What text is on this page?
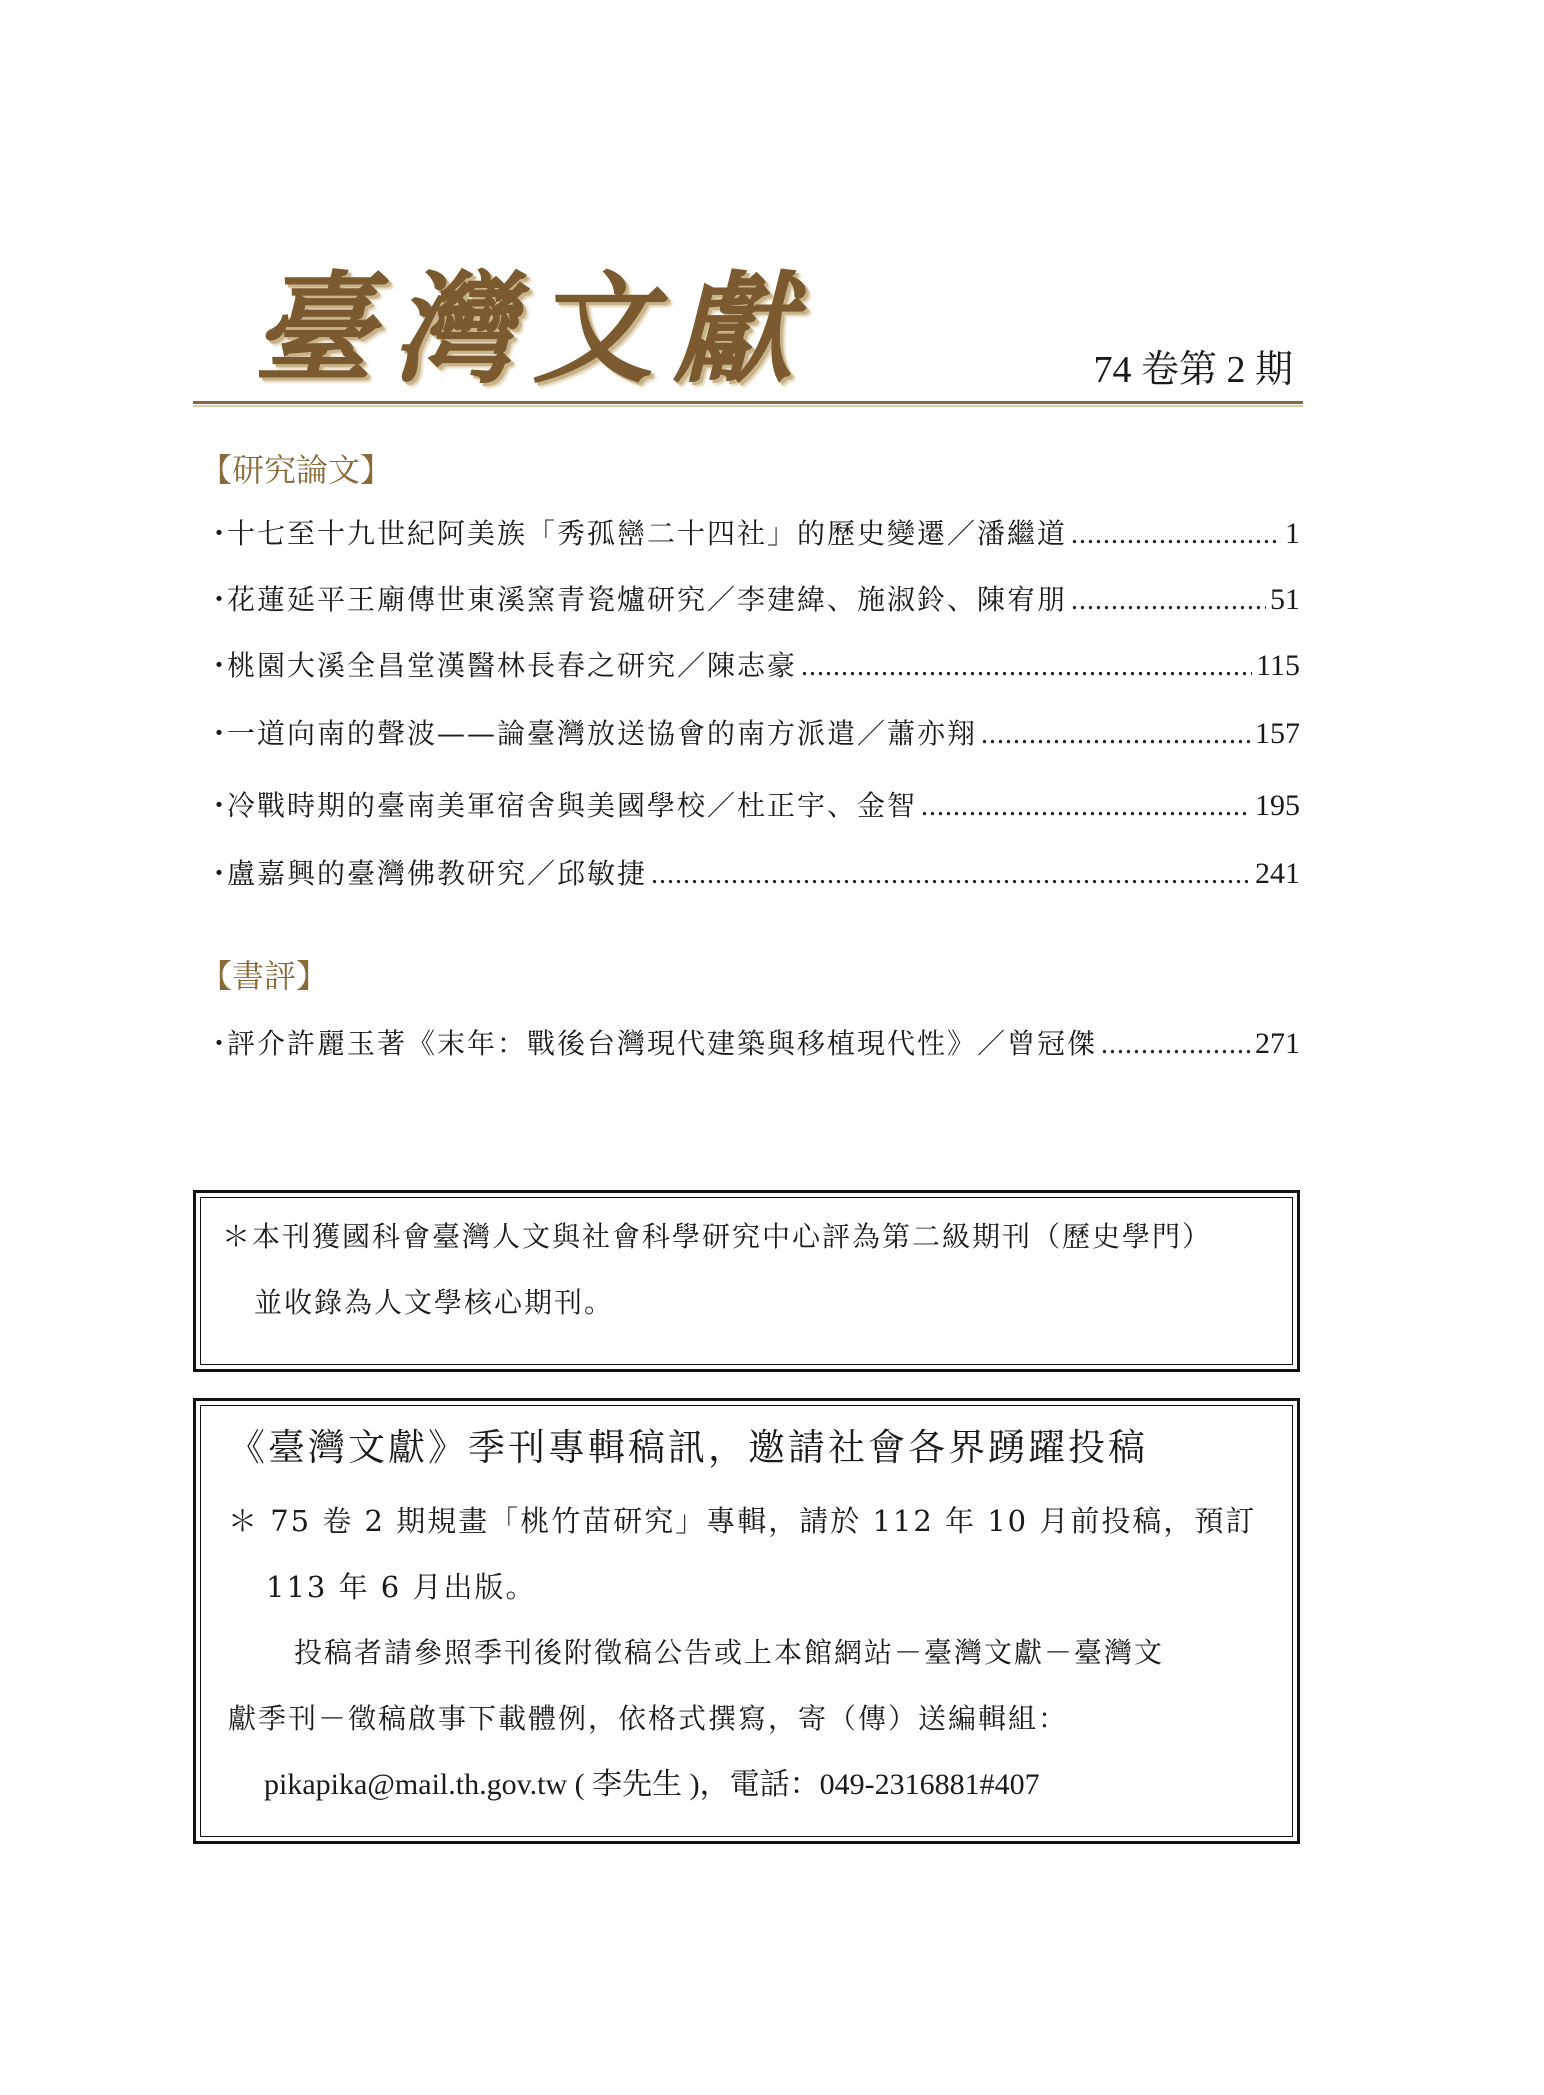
臺灣文獻	74 卷第 2 期
【研究論文】
・
十七至十九世紀阿美族「秀孤巒二十四社」的歷史變遷／潘繼道 .....	1
・
花蓮延平王廟傳世東溪窯青瓷爐研究／李建緯、施淑鈴、陳宥朋 .....	51
・
桃園大溪全昌堂漢醫林長春之研究／陳志豪 .....	115
・
一道向南的聲波——論臺灣放送協會的南方派遣／蕭亦翔 .....	157
・
冷戰時期的臺南美軍宿舍與美國學校／杜正宇、金智 .....	195
・
盧嘉興的臺灣佛教研究／邱敏捷 .....	241
【書評】
・
評介許麗玉著《末年：戰後台灣現代建築與移植現代性》／曾冠傑 .....	271
＊本刊獲國科會臺灣人文與社會科學研究中心評為第二級期刊（歷史學門）
並收錄為人文學核心期刊。
《臺灣文獻》季刊專輯稿訊，邀請社會各界踴躍投稿
＊ 75 卷 2 期規畫「桃竹苗研究」專輯，請於 112 年 10 月前投稿，預訂
113 年 6 月出版。
投稿者請參照季刊後附徵稿公告或上本館網站－臺灣文獻－臺灣文
獻季刊－徵稿啟事下載體例，依格式撰寫，寄（傳）送編輯組：
pikapika@mail.th.gov.tw ( 李先生 )，電話：049-2316881#407
